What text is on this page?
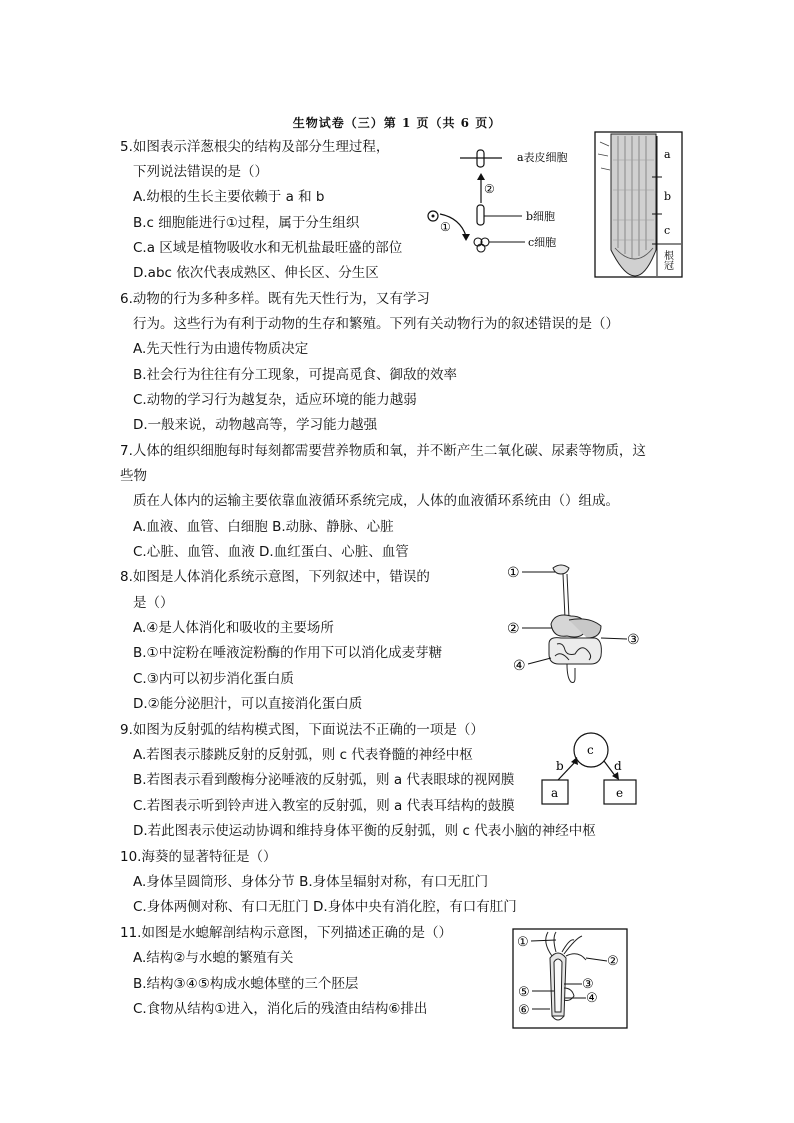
生物试卷（三）第 1 页（共 6 页）
5.如图表示洋葱根尖的结构及部分生理过程，
下列说法错误的是（）
A.幼根的生长主要依赖于 a 和 b
B.c 细胞能进行①过程，属于分生组织
C.a 区域是植物吸收水和无机盐最旺盛的部位
D.abc 依次代表成熟区、伸长区、分生区
a表皮细胞
②
b细胞
①
c细胞
a
b
c
根冠
6.动物的行为多种多样。既有先天性行为，又有学习
行为。这些行为有利于动物的生存和繁殖。下列有关动物行为的叙述错误的是（）
A.先天性行为由遗传物质决定
B.社会行为往往有分工现象，可提高觅食、御敌的效率
C.动物的学习行为越复杂，适应环境的能力越弱
D.一般来说，动物越高等，学习能力越强
7.人体的组织细胞每时每刻都需要营养物质和氧，并不断产生二氧化碳、尿素等物质，这
些物
质在人体内的运输主要依靠血液循环系统完成，人体的血液循环系统由（）组成。
A.血液、血管、白细胞 B.动脉、静脉、心脏
C.心脏、血管、血液 D.血红蛋白、心脏、血管
8.如图是人体消化系统示意图，下列叙述中，错误的
是（）
A.④是人体消化和吸收的主要场所
B.①中淀粉在唾液淀粉酶的作用下可以消化成麦芽糖
C.③内可以初步消化蛋白质
D.②能分泌胆汁，可以直接消化蛋白质
①
②
③
④
9.如图为反射弧的结构模式图，下面说法不正确的一项是（）
A.若图表示膝跳反射的反射弧，则 c 代表脊髓的神经中枢
B.若图表示看到酸梅分泌唾液的反射弧，则 a 代表眼球的视网膜
C.若图表示听到铃声进入教室的反射弧，则 a 代表耳结构的鼓膜
D.若此图表示使运动协调和维持身体平衡的反射弧，则 c 代表小脑的神经中枢
c
a	e
b	d
10.海葵的显著特征是（）
A.身体呈圆筒形、身体分节 B.身体呈辐射对称，有口无肛门
C.身体两侧对称、有口无肛门 D.身体中央有消化腔，有口有肛门
11.如图是水螅解剖结构示意图，下列描述正确的是（）
A.结构②与水螅的繁殖有关
B.结构③④⑤构成水螅体壁的三个胚层
C.食物从结构①进入，消化后的残渣由结构⑥排出
①
②
③
④
⑤
⑥
